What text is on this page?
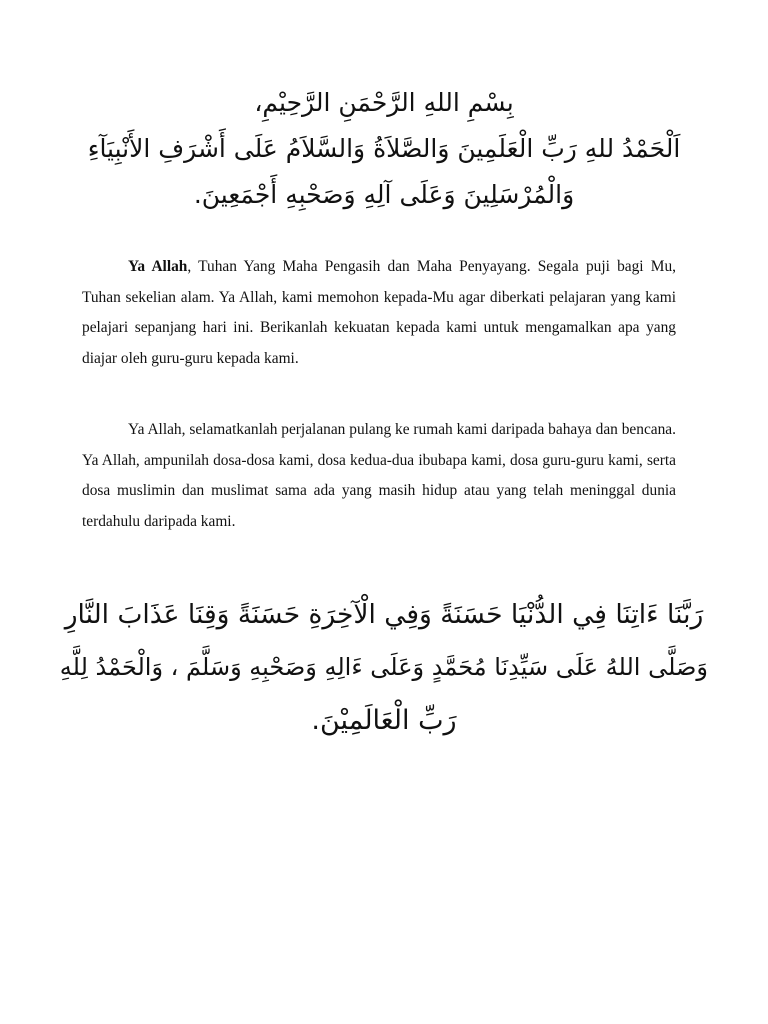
بِسْمِ اللهِ الرَّحْمَنِ الرَّحِيْمِ،
اَلْحَمْدُ للهِ رَبِّ الْعَلَمِينَ وَالصَّلاَةُ وَالسَّلاَمُ عَلَى أَشْرَفِ الأَنْبِيَآءِ
وَالْمُرْسَلِينَ وَعَلَى آلِهِ وَصَحْبِهِ أَجْمَعِينَ.

Ya Allah, Tuhan Yang Maha Pengasih dan Maha Penyayang. Segala puji bagi Mu, Tuhan sekelian alam. Ya Allah, kami memohon kepada-Mu agar diberkati pelajaran yang kami pelajari sepanjang hari ini. Berikanlah kekuatan kepada kami untuk mengamalkan apa yang diajar oleh guru-guru kepada kami.

Ya Allah, selamatkanlah perjalanan pulang ke rumah kami daripada bahaya dan bencana. Ya Allah, ampunilah dosa-dosa kami, dosa kedua-dua ibubapa kami, dosa guru-guru kami, serta dosa muslimin dan muslimat sama ada yang masih hidup atau yang telah meninggal dunia terdahulu daripada kami.

رَبَّنَا ءَاتِنَا فِي الدُّنْيَا حَسَنَةً وَفِي الْآخِرَةِ حَسَنَةً وَقِنَا عَذَابَ النَّارِ
وَصَلَّى اللهُ عَلَى سَيِّدِنَا مُحَمَّدٍ وَعَلَى ءَالِهِ وَصَحْبِهِ وَسَلَّمَ ، وَالْحَمْدُ لِلَّهِ
رَبِّ الْعَالَمِيْنَ.
